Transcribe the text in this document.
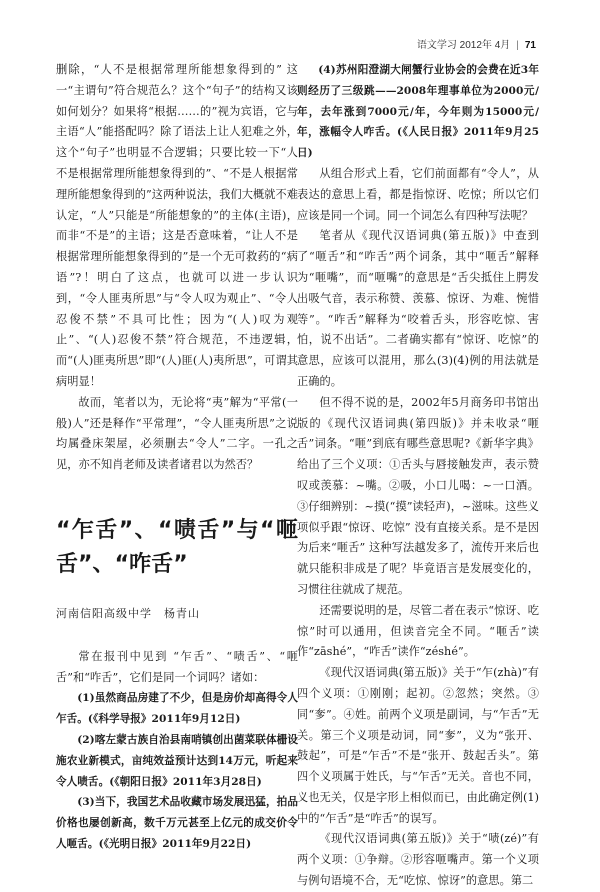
语文学习 2012年 4月 | 71

删除，“人不是根据常理所能想象得到的” 这一“主谓句”符合规范么？这个“句子”的结构又该如何划分？如果将“根据……的”视为宾语，它与主语“人”能搭配吗？除了语法上让人犯难之外，这个“句子”也明显不合逻辑；只要比较一下“人不是根据常理所能想象得到的”、“不是人根据常理所能想象得到的”这两种说法，我们大概就不难认定，“人”只能是“所能想象的”的主体(主语)，而非“不是”的主语；这是否意味着，“让人不是根据常理所能想象得到的”是一个无可救药的“病语”?！明白了这点，也就可以进一步认识到，“令人匪夷所思”与“令人叹为观止”、“令人忍俊不禁”不具可比性；因为“(人)叹为观止”、“(人)忍俊不禁”符合规范，不违逻辑，而“(人)匪夷所思”即“(人)匪(人)夷所思”，可谓其病明显！

故而，笔者以为，无论将“夷”解为“平常(一般)人”还是释作“平常理”，“令人匪夷所思”之说均属叠床架屋，必须删去“令人”二字。一孔之见，亦不知肖老师及读者诸君以为然否？

“乍舌”、“啧舌”与“咂舌”、“咋舌”

河南信阳高级中学　杨青山

常在报刊中见到 “乍舌”、“啧舌”、“咂舌”和“咋舌”，它们是同一个词吗？诸如：

(1)虽然商品房建了不少，但是房价却高得令人乍舌。(《科学导报》2011年9月12日)

(2)喀左蒙古族自治县南哨镇创出菌菜联体栅设施农业新模式，亩纯效益预计达到14万元，听起来令人啧舌。(《朝阳日报》2011年3月28日)

(3)当下，我国艺术品收藏市场发展迅猛，拍品价格也屡创新高，数千万元甚至上亿元的成交价令人咂舌。(《光明日报》2011年9月22日)

(4)苏州阳澄湖大闸蟹行业协会的会费在近3年则经历了三级跳——2008年理事单位为2000元/年，去年涨到7000元/年，今年则为15000元/年，涨幅令人咋舌。(《人民日报》2011年9月25日)

从组合形式上看，它们前面都有“令人”，从表达的意思上看，都是指惊讶、吃惊；所以它们应该是同一个词。同一个词怎么有四种写法呢？

笔者从《现代汉语词典(第五版)》中查到了“咂舌”和“咋舌”两个词条，其中“咂舌”解释为“咂嘴”，而“咂嘴”的意思是“舌尖抵住上腭发出吸气音，表示称赞、羡慕、惊讶、为难、惋惜等”。“咋舌”解释为“咬着舌头，形容吃惊、害怕，说不出话”。二者确实都有“惊讶、吃惊”的意思，应该可以混用，那么(3)(4)例的用法就是正确的。

但不得不说的是，2002年5月商务印书馆出版的《现代汉语词典(第四版)》并未收录“咂舌”词条。“咂”到底有哪些意思呢?《新华字典》给出了三个义项：①舌头与唇接触发声，表示赞叹或羡慕：~嘴。②吸，小口儿喝：~一口酒。③仔细辨别：~摸(“摸”读轻声)，~滋味。这些义项似乎跟“惊讶、吃惊” 没有直接关系。是不是因为后来“咂舌” 这种写法越发多了，流传开来后也就只能积非成是了呢？毕竟语言是发展变化的，习惯往往就成了规范。

还需要说明的是，尽管二者在表示“惊讶、吃惊”时可以通用，但读音完全不同。“咂舌”读作“zāshé”，“咋舌”读作“zéshé”。

《现代汉语词典(第五版)》关于“乍(zhà)”有四个义项：①刚刚；起初。②忽然；突然。③同“奓”。④姓。前两个义项是副词，与“乍舌”无关。第三个义项是动词，同“奓”，义为“张开、鼓起”，可是“乍舌”不是“张开、鼓起舌头”。第四个义项属于姓氏，与“乍舌”无关。音也不同，义也无关，仅是字形上相似而已，由此确定例(1)中的“乍舌”是“咋舌”的误写。

《现代汉语词典(第五版)》关于“啧(zé)”有两个义项：①争辩。②形容咂嘴声。第一个义项与例句语境不合，无“吃惊、惊讶”的意思。第二
